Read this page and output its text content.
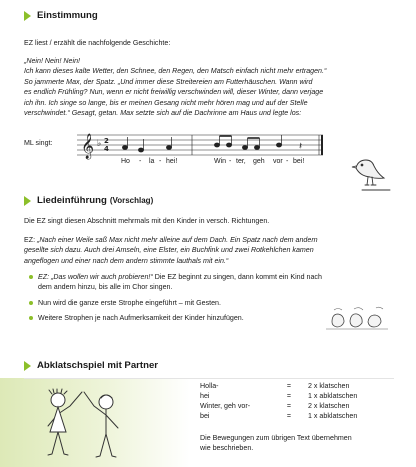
Einstimmung
EZ liest / erzählt die nachfolgende Geschichte:
„Nein! Nein! Nein!
Ich kann dieses kalte Wetter, den Schnee, den Regen, den Matsch einfach nicht mehr ertragen.“
So jammerte Max, der Spatz. „Und immer diese Streitereien am Futterhäuschen. Wann wird
es endlich Frühling? Nun, wenn er nicht freiwillig verschwinden will, dieser Winter, dann verjage
ich ihn. Ich singe so lange, bis er meinen Gesang nicht mehr hören mag und auf der Stelle
verschwindet.“ Gesagt, getan. Max setzte sich auf die Dachrinne am Haus und legte los:
ML singt: 𝄞 ♭ 2
4	𝄽
Ho - la - hei!	Win - ter, geh vor - bei!
Liedeinführung (Vorschlag)
Die EZ singt diesen Abschnitt mehrmals mit den Kinder in versch. Richtungen.
EZ: „Nach einer Weile saß Max nicht mehr alleine auf dem Dach. Ein Spatz nach dem andern
gesellte sich dazu. Auch drei Amseln, eine Elster, ein Buchfink und zwei Rotkehlchen kamen
angeflogen und einer nach dem andern stimmte lauthals mit ein.“
EZ: „Das wollen wir auch probieren!“ Die EZ beginnt zu singen, dann kommt ein Kind nach
dem andern hinzu, bis alle im Chor singen.
Nun wird die ganze erste Strophe eingeführt – mit Gesten.
Weitere Strophen je nach Aufmerksamkeit der Kinder hinzufügen.
Abklatschspiel mit Partner
Holla-	=	2 x klatschen
hei	=	1 x abklatschen
Winter, geh vor-	=	2 x klatschen
bei	=	1 x abklatschen
Die Bewegungen zum übrigen Text übernehmen
wie beschrieben.
